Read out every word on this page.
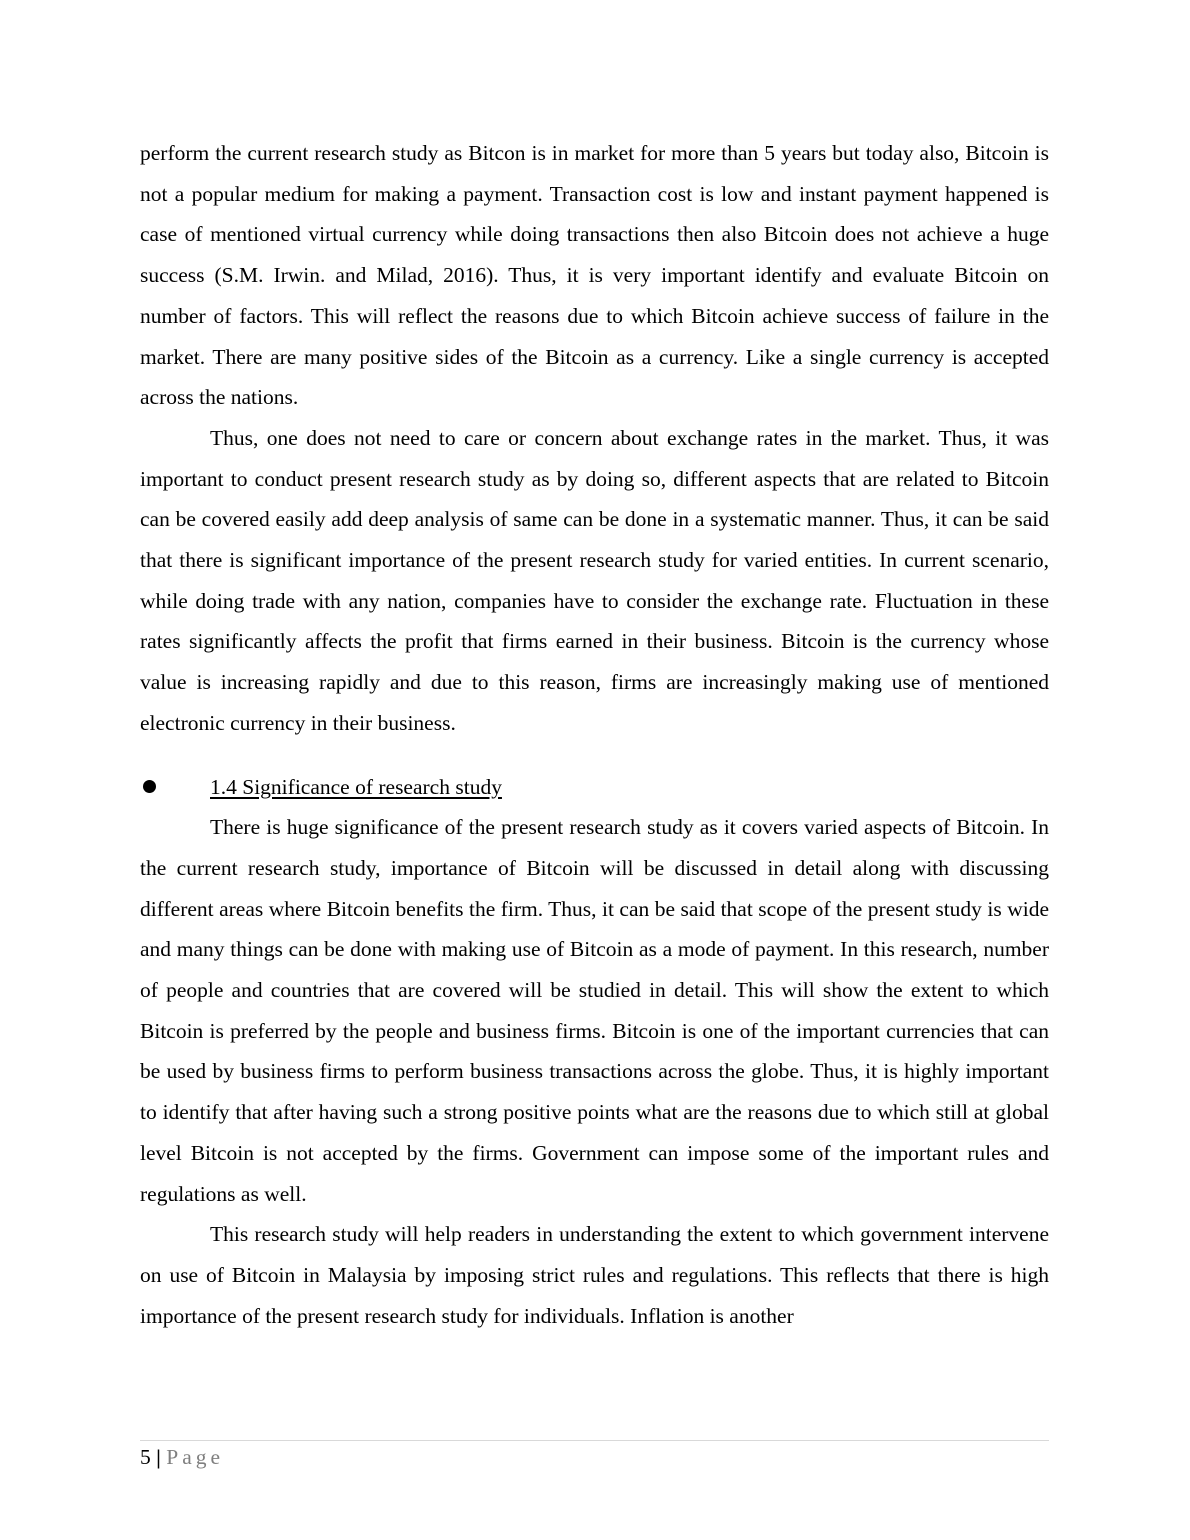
perform the current research study as Bitcon is in market for more than 5 years but today also, Bitcoin is not a popular medium for making a payment. Transaction cost is low and instant payment happened is case of mentioned virtual currency while doing transactions then also Bitcoin does not achieve a huge success (S.M. Irwin. and Milad, 2016). Thus, it is very important identify and evaluate Bitcoin on number of factors. This will reflect the reasons due to which Bitcoin achieve success of failure in the market. There are many positive sides of the Bitcoin as a currency. Like a single currency is accepted across the nations.

Thus, one does not need to care or concern about exchange rates in the market. Thus, it was important to conduct present research study as by doing so, different aspects that are related to Bitcoin can be covered easily add deep analysis of same can be done in a systematic manner. Thus, it can be said that there is significant importance of the present research study for varied entities. In current scenario, while doing trade with any nation, companies have to consider the exchange rate. Fluctuation in these rates significantly affects the profit that firms earned in their business. Bitcoin is the currency whose value is increasing rapidly and due to this reason, firms are increasingly making use of mentioned electronic currency in their business.

1.4 Significance of research study

There is huge significance of the present research study as it covers varied aspects of Bitcoin. In the current research study, importance of Bitcoin will be discussed in detail along with discussing different areas where Bitcoin benefits the firm. Thus, it can be said that scope of the present study is wide and many things can be done with making use of Bitcoin as a mode of payment. In this research, number of people and countries that are covered will be studied in detail. This will show the extent to which Bitcoin is preferred by the people and business firms. Bitcoin is one of the important currencies that can be used by business firms to perform business transactions across the globe. Thus, it is highly important to identify that after having such a strong positive points what are the reasons due to which still at global level Bitcoin is not accepted by the firms. Government can impose some of the important rules and regulations as well.

This research study will help readers in understanding the extent to which government intervene on use of Bitcoin in Malaysia by imposing strict rules and regulations. This reflects that there is high importance of the present research study for individuals. Inflation is another

5 | Page
